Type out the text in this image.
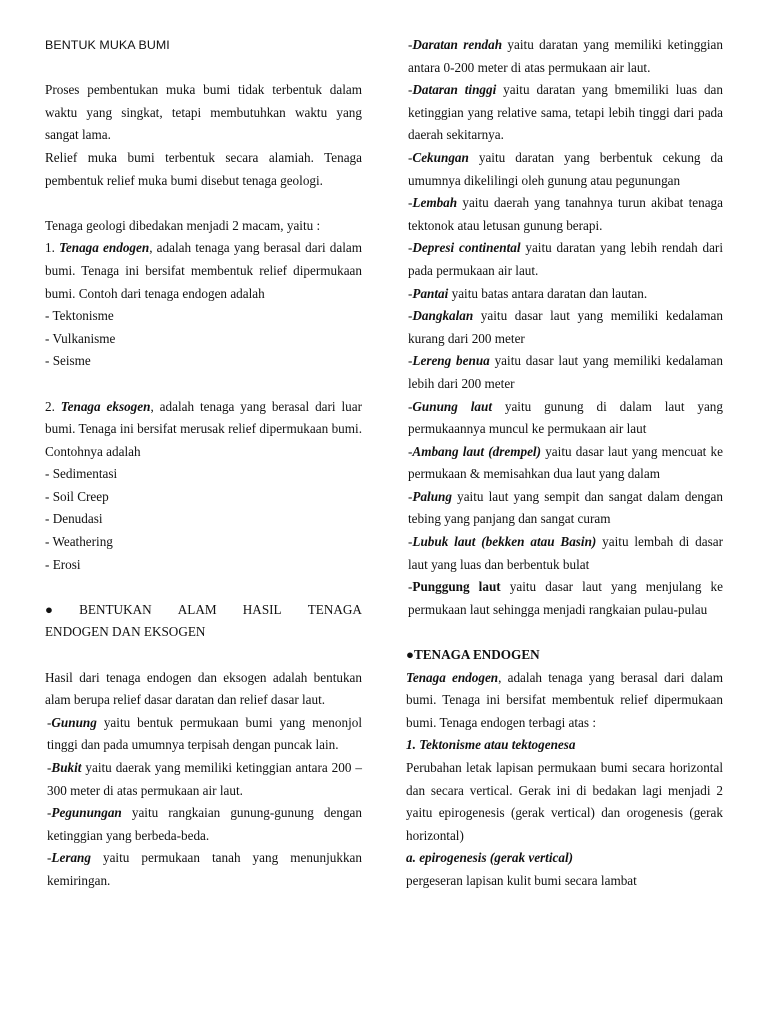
BENTUK MUKA BUMI

Proses pembentukan muka bumi tidak terbentuk dalam waktu yang singkat, tetapi membutuhkan waktu yang sangat lama.

Relief muka bumi terbentuk secara alamiah. Tenaga pembentuk relief muka bumi disebut tenaga geologi.

Tenaga geologi dibedakan menjadi 2 macam, yaitu :

1. Tenaga endogen, adalah tenaga yang berasal dari dalam bumi. Tenaga ini bersifat membentuk relief dipermukaan bumi. Contoh dari tenaga endogen adalah

- Tektonisme

- Vulkanisme

- Seisme

2. Tenaga eksogen, adalah tenaga yang berasal dari luar bumi. Tenaga ini bersifat merusak relief dipermukaan bumi. Contohnya adalah

- Sedimentasi

- Soil Creep

- Denudasi

- Weathering

- Erosi

● BENTUKAN ALAM HASIL TENAGA

ENDOGEN DAN EKSOGEN

Hasil dari tenaga endogen dan eksogen adalah bentukan alam berupa relief dasar daratan dan relief dasar laut.

-Gunung yaitu bentuk permukaan bumi yang menonjol tinggi dan pada umumnya terpisah dengan puncak lain.

-Bukit yaitu daerak yang memiliki ketinggian antara 200 – 300 meter di atas permukaan air laut.

-Pegunungan yaitu rangkaian gunung-gunung dengan ketinggian yang berbeda-beda.

-Lerang yaitu permukaan tanah yang menunjukkan kemiringan.

-Daratan rendah yaitu daratan yang memiliki ketinggian antara 0-200 meter di atas permukaan air laut.

-Dataran tinggi yaitu daratan yang bmemiliki luas dan ketinggian yang relative sama, tetapi lebih tinggi dari pada daerah sekitarnya.

-Cekungan yaitu daratan yang berbentuk cekung da umumnya dikelilingi oleh gunung atau pegunungan

-Lembah yaitu daerah yang tanahnya turun akibat tenaga tektonok atau letusan gunung berapi.

-Depresi continental yaitu daratan yang lebih rendah dari pada permukaan air laut.

-Pantai yaitu batas antara daratan dan lautan.

-Dangkalan yaitu dasar laut yang memiliki kedalaman kurang dari 200 meter

-Lereng benua yaitu dasar laut yang memiliki kedalaman lebih dari 200 meter

-Gunung laut yaitu gunung di dalam laut yang permukaannya muncul ke permukaan air laut

-Ambang laut (drempel) yaitu dasar laut yang mencuat ke permukaan & memisahkan dua laut yang dalam

-Palung yaitu laut yang sempit dan sangat dalam dengan tebing yang panjang dan sangat curam

-Lubuk laut (bekken atau Basin) yaitu lembah di dasar laut yang luas dan berbentuk bulat

-Punggung laut yaitu dasar laut yang menjulang ke permukaan laut sehingga menjadi rangkaian pulau-pulau

●TENAGA ENDOGEN

Tenaga endogen, adalah tenaga yang berasal dari dalam bumi. Tenaga ini bersifat membentuk relief dipermukaan bumi. Tenaga endogen terbagi atas :

1. Tektonisme atau tektogenesa

Perubahan letak lapisan permukaan bumi secara horizontal dan secara vertical. Gerak ini di bedakan lagi menjadi 2 yaitu epirogenesis (gerak vertical) dan orogenesis (gerak horizontal)

a. epirogenesis (gerak vertical)

pergeseran lapisan kulit bumi secara lambat
